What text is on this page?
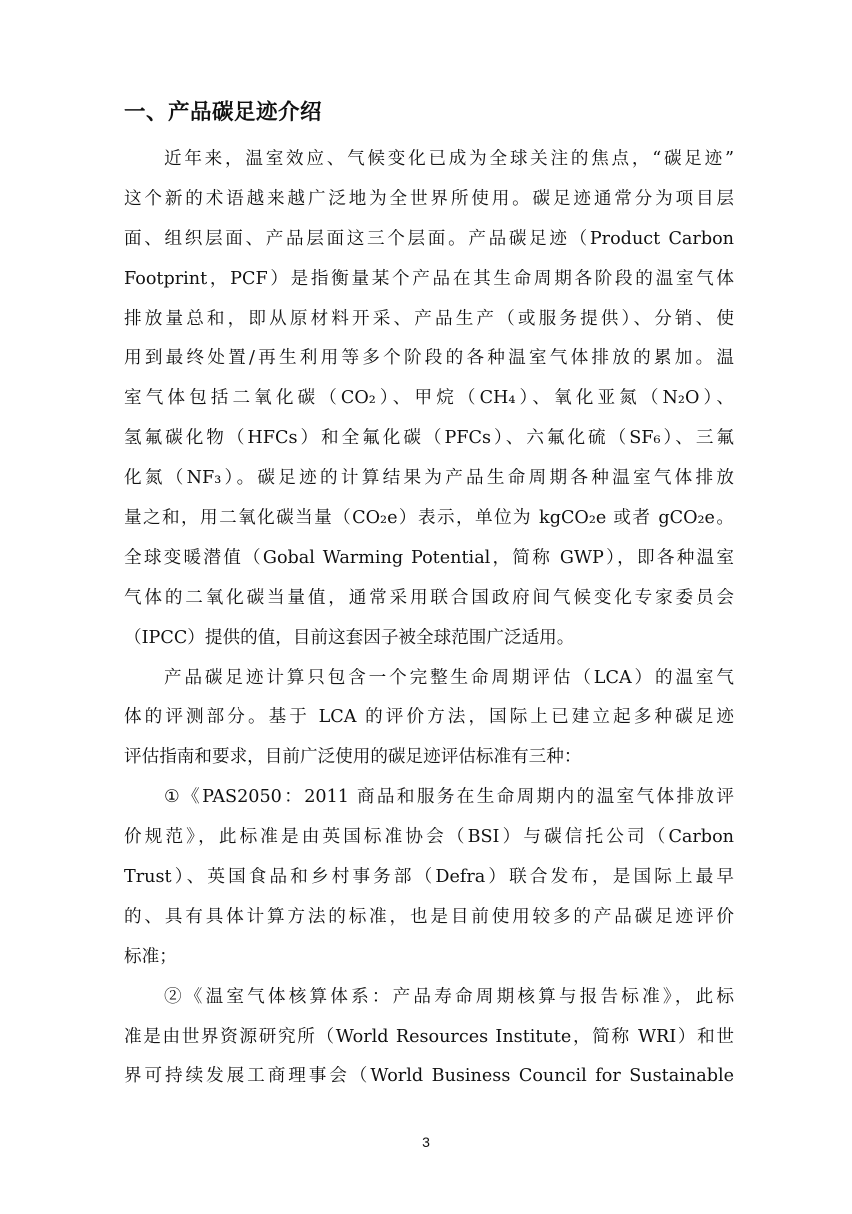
一、产品碳足迹介绍

近年来，温室效应、气候变化已成为全球关注的焦点，“碳足迹”
这个新的术语越来越广泛地为全世界所使用。碳足迹通常分为项目层
面、组织层面、产品层面这三个层面。产品碳足迹（Product Carbon
Footprint，PCF）是指衡量某个产品在其生命周期各阶段的温室气体
排放量总和，即从原材料开采、产品生产（或服务提供）、分销、使
用到最终处置/再生利用等多个阶段的各种温室气体排放的累加。温
室气体包括二氧化碳（CO₂）、甲烷（CH₄）、氧化亚氮（N₂O）、
氢氟碳化物（HFCs）和全氟化碳（PFCs）、六氟化硫（SF₆）、三氟
化氮（NF₃）。碳足迹的计算结果为产品生命周期各种温室气体排放
量之和，用二氧化碳当量（CO₂e）表示，单位为 kgCO₂e 或者 gCO₂e。
全球变暖潜值（Gobal Warming Potential，简称 GWP），即各种温室
气体的二氧化碳当量值，通常采用联合国政府间气候变化专家委员会
（IPCC）提供的值，目前这套因子被全球范围广泛适用。

产品碳足迹计算只包含一个完整生命周期评估（LCA）的温室气
体的评测部分。基于 LCA 的评价方法，国际上已建立起多种碳足迹
评估指南和要求，目前广泛使用的碳足迹评估标准有三种：

①《PAS2050：2011 商品和服务在生命周期内的温室气体排放评
价规范》，此标准是由英国标准协会（BSI）与碳信托公司（Carbon
Trust）、英国食品和乡村事务部（Defra）联合发布，是国际上最早
的、具有具体计算方法的标准，也是目前使用较多的产品碳足迹评价
标准；

②《温室气体核算体系：产品寿命周期核算与报告标准》，此标
准是由世界资源研究所（World Resources Institute，简称 WRI）和世
界可持续发展工商理事会（World Business Council for Sustainable

3
